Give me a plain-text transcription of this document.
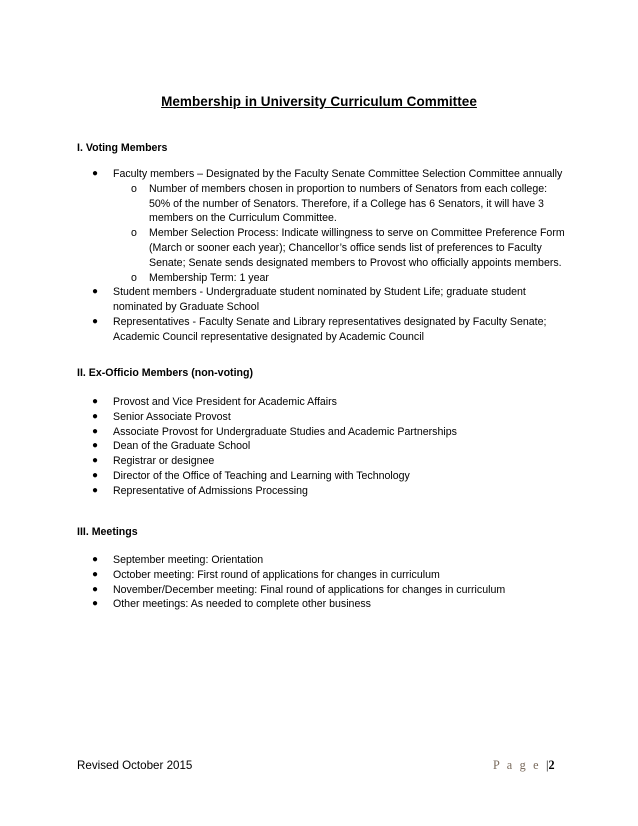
Membership in University Curriculum Committee
I. Voting Members
● Faculty members – Designated by the Faculty Senate Committee Selection Committee annually
o Number of members chosen in proportion to numbers of Senators from each college: 50% of the number of Senators. Therefore, if a College has 6 Senators, it will have 3 members on the Curriculum Committee.
o Member Selection Process: Indicate willingness to serve on Committee Preference Form (March or sooner each year); Chancellor’s office sends list of preferences to Faculty Senate; Senate sends designated members to Provost who officially appoints members.
o Membership Term: 1 year
● Student members - Undergraduate student nominated by Student Life; graduate student nominated by Graduate School
● Representatives - Faculty Senate and Library representatives designated by Faculty Senate; Academic Council representative designated by Academic Council
II. Ex-Officio Members (non-voting)
● Provost and Vice President for Academic Affairs
● Senior Associate Provost
● Associate Provost for Undergraduate Studies and Academic Partnerships
● Dean of the Graduate School
● Registrar or designee
● Director of the Office of Teaching and Learning with Technology
● Representative of Admissions Processing
III. Meetings
● September meeting: Orientation
● October meeting: First round of applications for changes in curriculum
● November/December meeting: Final round of applications for changes in curriculum
● Other meetings: As needed to complete other business
Revised October 2015	P a g e |2
